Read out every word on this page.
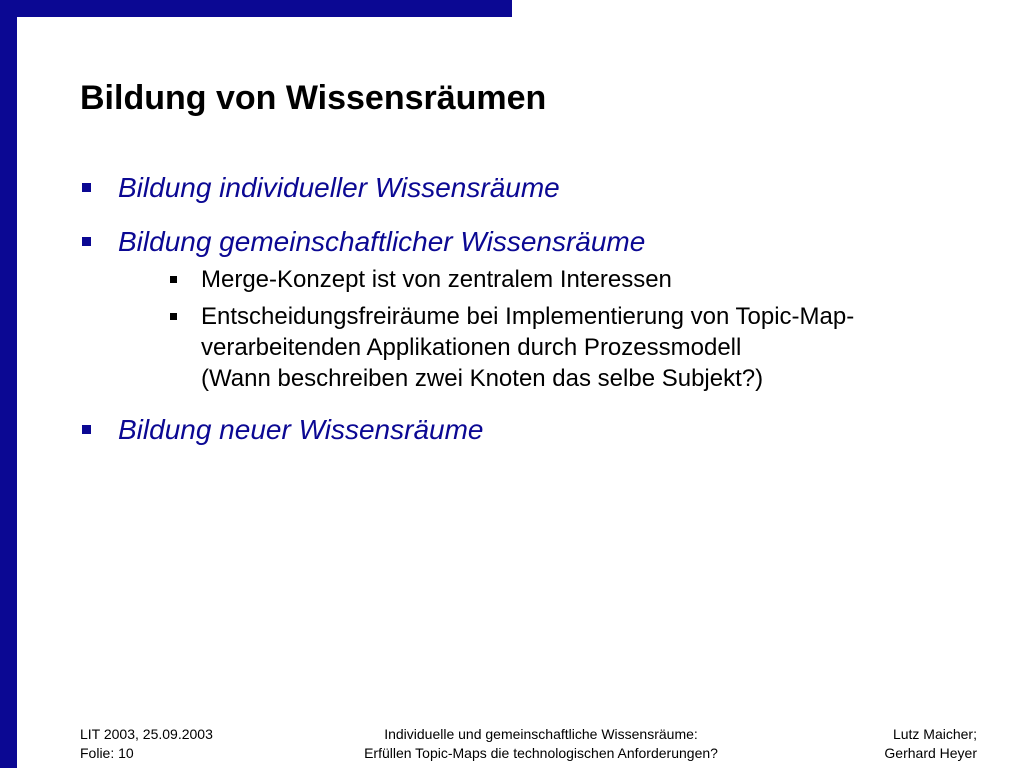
Bildung von Wissensräumen
Bildung individueller Wissensräume
Bildung gemeinschaftlicher Wissensräume
Merge-Konzept ist von zentralem Interessen
Entscheidungsfreiräume bei Implementierung von Topic-Map-
verarbeitenden Applikationen durch Prozessmodell
(Wann beschreiben zwei Knoten das selbe Subjekt?)
Bildung neuer Wissensräume
LIT 2003, 25.09.2003
Folie: 10
Individuelle und gemeinschaftliche Wissensräume:
Erfüllen Topic-Maps die technologischen Anforderungen?
Lutz Maicher;
Gerhard Heyer
